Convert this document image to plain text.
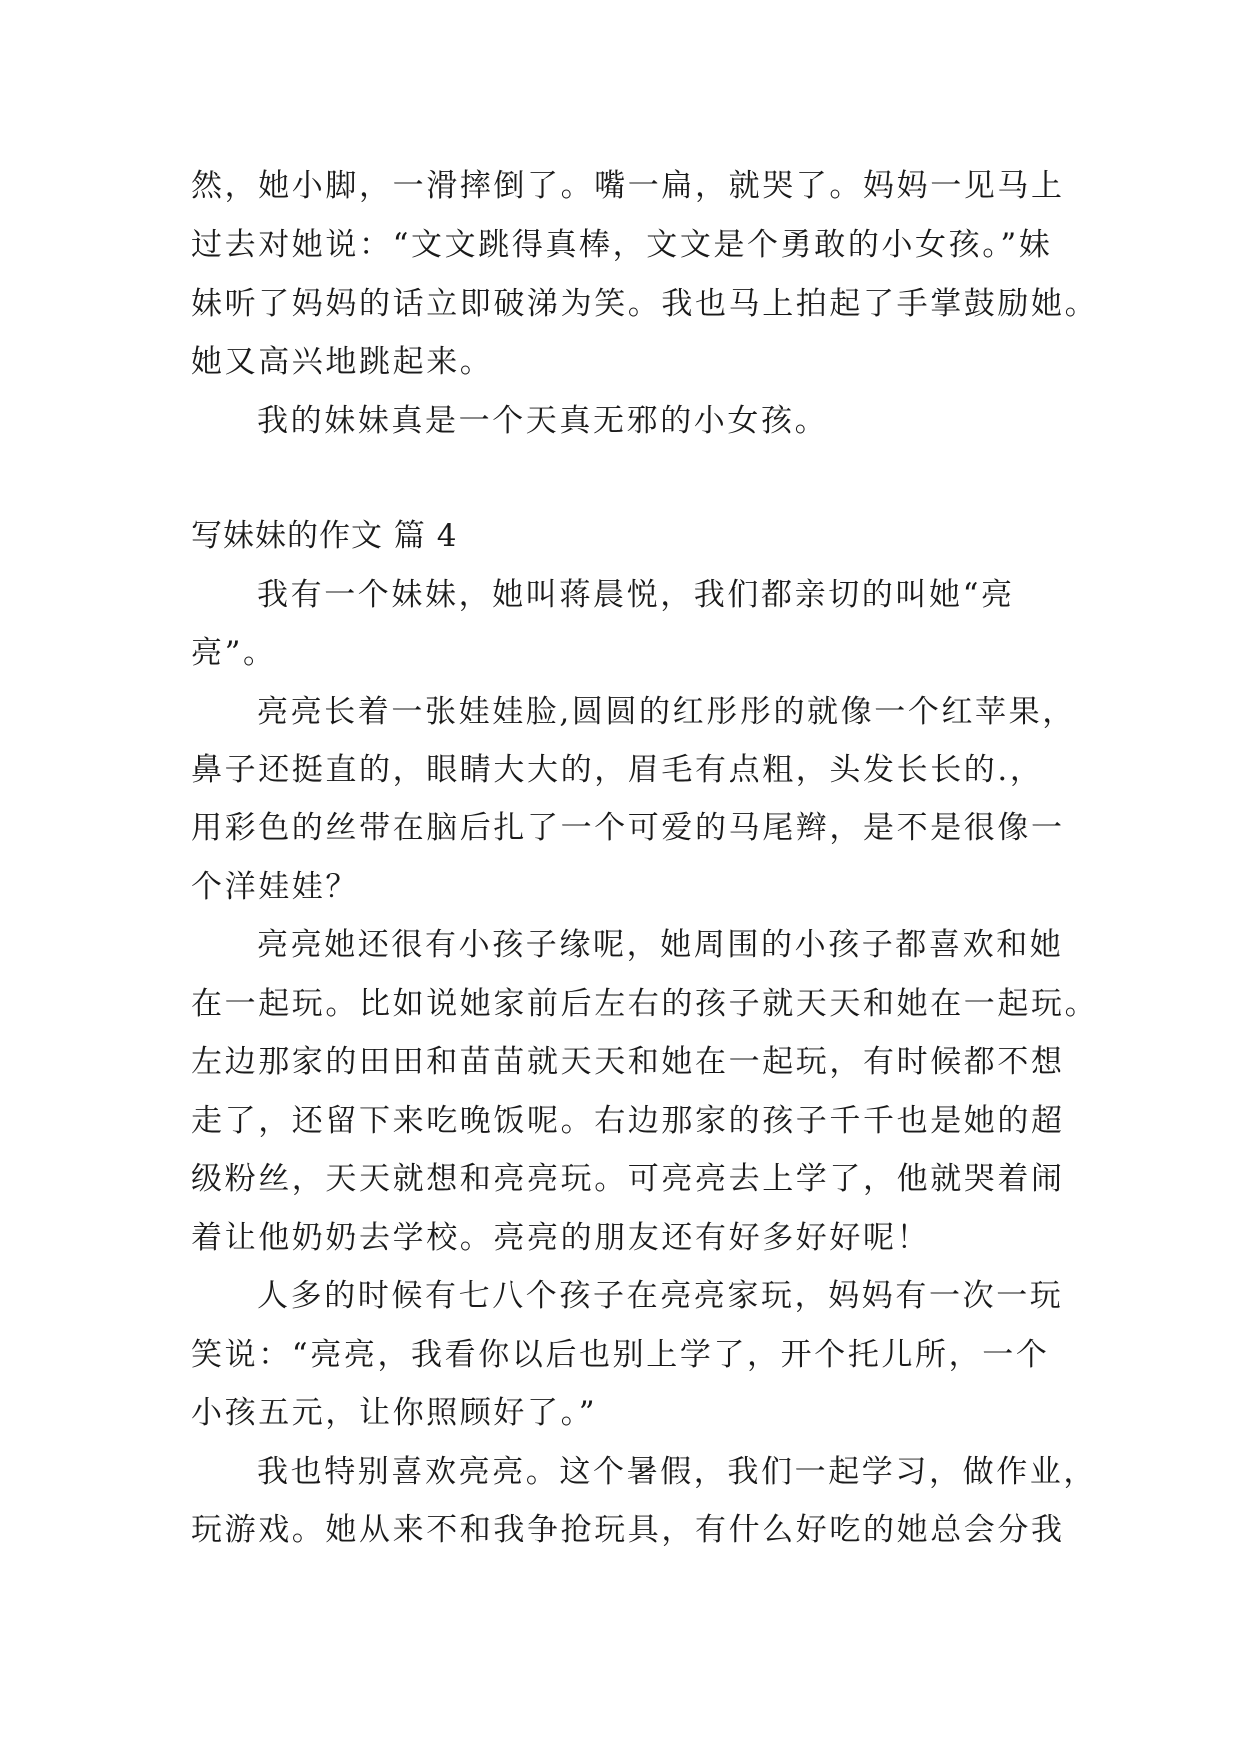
然，她小脚，一滑摔倒了。嘴一扁，就哭了。妈妈一见马上
过去对她说：“文文跳得真棒，文文是个勇敢的小女孩。”妹
妹听了妈妈的话立即破涕为笑。我也马上拍起了手掌鼓励她。
她又高兴地跳起来。
我的妹妹真是一个天真无邪的小女孩。
写妹妹的作文 篇 4
我有一个妹妹，她叫蒋晨悦，我们都亲切的叫她“亮
亮”。
亮亮长着一张娃娃脸,圆圆的红彤彤的就像一个红苹果，
鼻子还挺直的，眼睛大大的，眉毛有点粗，头发长长的.，
用彩色的丝带在脑后扎了一个可爱的马尾辫，是不是很像一
个洋娃娃？
亮亮她还很有小孩子缘呢，她周围的小孩子都喜欢和她
在一起玩。比如说她家前后左右的孩子就天天和她在一起玩。
左边那家的田田和苗苗就天天和她在一起玩，有时候都不想
走了，还留下来吃晚饭呢。右边那家的孩子千千也是她的超
级粉丝，天天就想和亮亮玩。可亮亮去上学了，他就哭着闹
着让他奶奶去学校。亮亮的朋友还有好多好好呢！
人多的时候有七八个孩子在亮亮家玩，妈妈有一次一玩
笑说：“亮亮，我看你以后也别上学了，开个托儿所，一个
小孩五元，让你照顾好了。”
我也特别喜欢亮亮。这个暑假，我们一起学习，做作业，
玩游戏。她从来不和我争抢玩具，有什么好吃的她总会分我
